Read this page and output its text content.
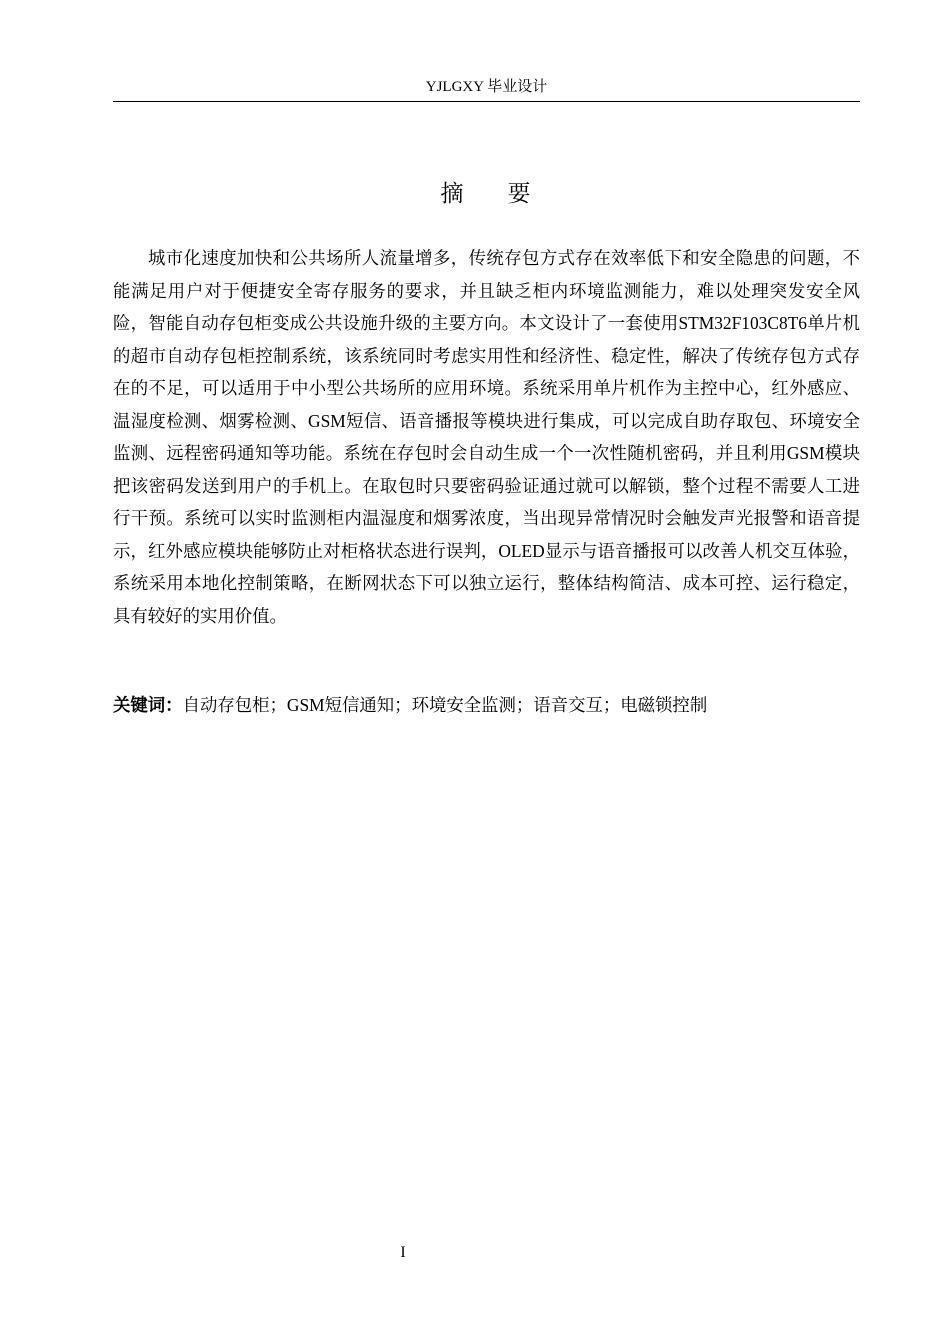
YJLGXY 毕业设计
摘 要

城市化速度加快和公共场所人流量增多，传统存包方式存在效率低下和安全隐患的问题，不能满足用户对于便捷安全寄存服务的要求，并且缺乏柜内环境监测能力，难以处理突发安全风险，智能自动存包柜变成公共设施升级的主要方向。本文设计了一套使用STM32F103C8T6单片机的超市自动存包柜控制系统，该系统同时考虑实用性和经济性、稳定性，解决了传统存包方式存在的不足，可以适用于中小型公共场所的应用环境。系统采用单片机作为主控中心，红外感应、温湿度检测、烟雾检测、GSM短信、语音播报等模块进行集成，可以完成自助存取包、环境安全监测、远程密码通知等功能。系统在存包时会自动生成一个一次性随机密码，并且利用GSM模块把该密码发送到用户的手机上。在取包时只要密码验证通过就可以解锁，整个过程不需要人工进行干预。系统可以实时监测柜内温湿度和烟雾浓度，当出现异常情况时会触发声光报警和语音提示，红外感应模块能够防止对柜格状态进行误判，OLED显示与语音播报可以改善人机交互体验，系统采用本地化控制策略，在断网状态下可以独立运行，整体结构简洁、成本可控、运行稳定，具有较好的实用价值。

关键词：自动存包柜；GSM短信通知；环境安全监测；语音交互；电磁锁控制

I
